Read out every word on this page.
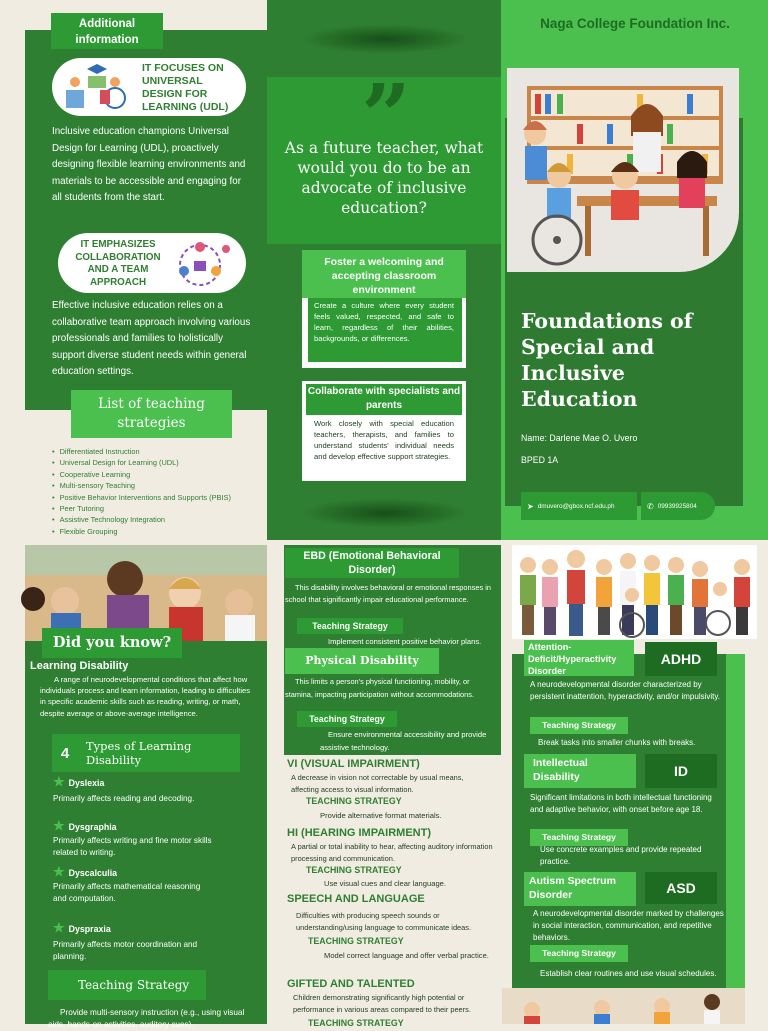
Additional information
IT FOCUSES ON UNIVERSAL DESIGN FOR LEARNING (UDL)
Inclusive education champions Universal Design for Learning (UDL), proactively designing flexible learning environments and materials to be accessible and engaging for all students from the start.
IT EMPHASIZES COLLABORATION AND A TEAM APPROACH
Effective inclusive education relies on a collaborative team approach involving various professionals and families to holistically support diverse student needs within general education settings.
List of teaching strategies
• Differentiated Instruction
• Universal Design for Learning (UDL)
• Cooperative Learning
• Multi-sensory Teaching
• Positive Behavior Interventions and Supports (PBIS)
• Peer Tutoring
• Assistive Technology Integration
• Flexible Grouping
”
As a future teacher, what would you do to be an advocate of inclusive education?
Foster a welcoming and accepting classroom environment
Create a culture where every student feels valued, respected, and safe to learn, regardless of their abilities, backgrounds, or differences.
Collaborate with specialists and parents
Work closely with special education teachers, therapists, and families to understand students' individual needs and develop effective support strategies.
Naga College Foundation Inc.
Foundations of Special and Inclusive Education
Name: Darlene Mae O. Uvero
BPED 1A
➤ dmuvero@gbox.ncf.edu.ph	✆ 09939925804
Did you know?
Learning Disability
A range of neurodevelopmental conditions that affect how individuals process and learn information, leading to difficulties in specific academic skills such as reading, writing, or math, despite average or above-average intelligence.
4	Types of Learning Disability
★ Dyslexia
Primarily affects reading and decoding.
★ Dysgraphia
Primarily affects writing and fine motor skills related to writing.
★ Dyscalculia
Primarily affects mathematical reasoning and computation.
★ Dyspraxia
Primarily affects motor coordination and planning.
Teaching Strategy
Provide multi-sensory instruction (e.g., using visual aids, hands-on activities, auditory cues).
EBD (Emotional Behavioral Disorder)
This disability involves behavioral or emotional responses in school that significantly impair educational performance.
Teaching Strategy
Implement consistent positive behavior plans.
Physical Disability
This limits a person's physical functioning, mobility, or stamina, impacting participation without accommodations.
Teaching Strategy
Ensure environmental accessibility and provide assistive technology.
VI (VISUAL IMPAIRMENT)
A decrease in vision not correctable by usual means, affecting access to visual information.
TEACHING STRATEGY
Provide alternative format materials.
HI (HEARING IMPAIRMENT)
A partial or total inability to hear, affecting auditory information processing and communication.
TEACHING STRATEGY
Use visual cues and clear language.
SPEECH AND LANGUAGE
Difficulties with producing speech sounds or understanding/using language to communicate ideas.
TEACHING STRATEGY
Model correct language and offer verbal practice.
GIFTED AND TALENTED
Children demonstrating significantly high potential or performance in various areas compared to their peers.
TEACHING STRATEGY
Attention-Deficit/Hyperactivity Disorder
ADHD
A neurodevelopmental disorder characterized by persistent inattention, hyperactivity, and/or impulsivity.
Teaching Strategy
Break tasks into smaller chunks with breaks.
Intellectual Disability	ID
Significant limitations in both intellectual functioning and adaptive behavior, with onset before age 18.
Teaching Strategy
Use concrete examples and provide repeated practice.
Autism Spectrum Disorder	ASD
A neurodevelopmental disorder marked by challenges in social interaction, communication, and repetitive behaviors.
Teaching Strategy
Establish clear routines and use visual schedules.
